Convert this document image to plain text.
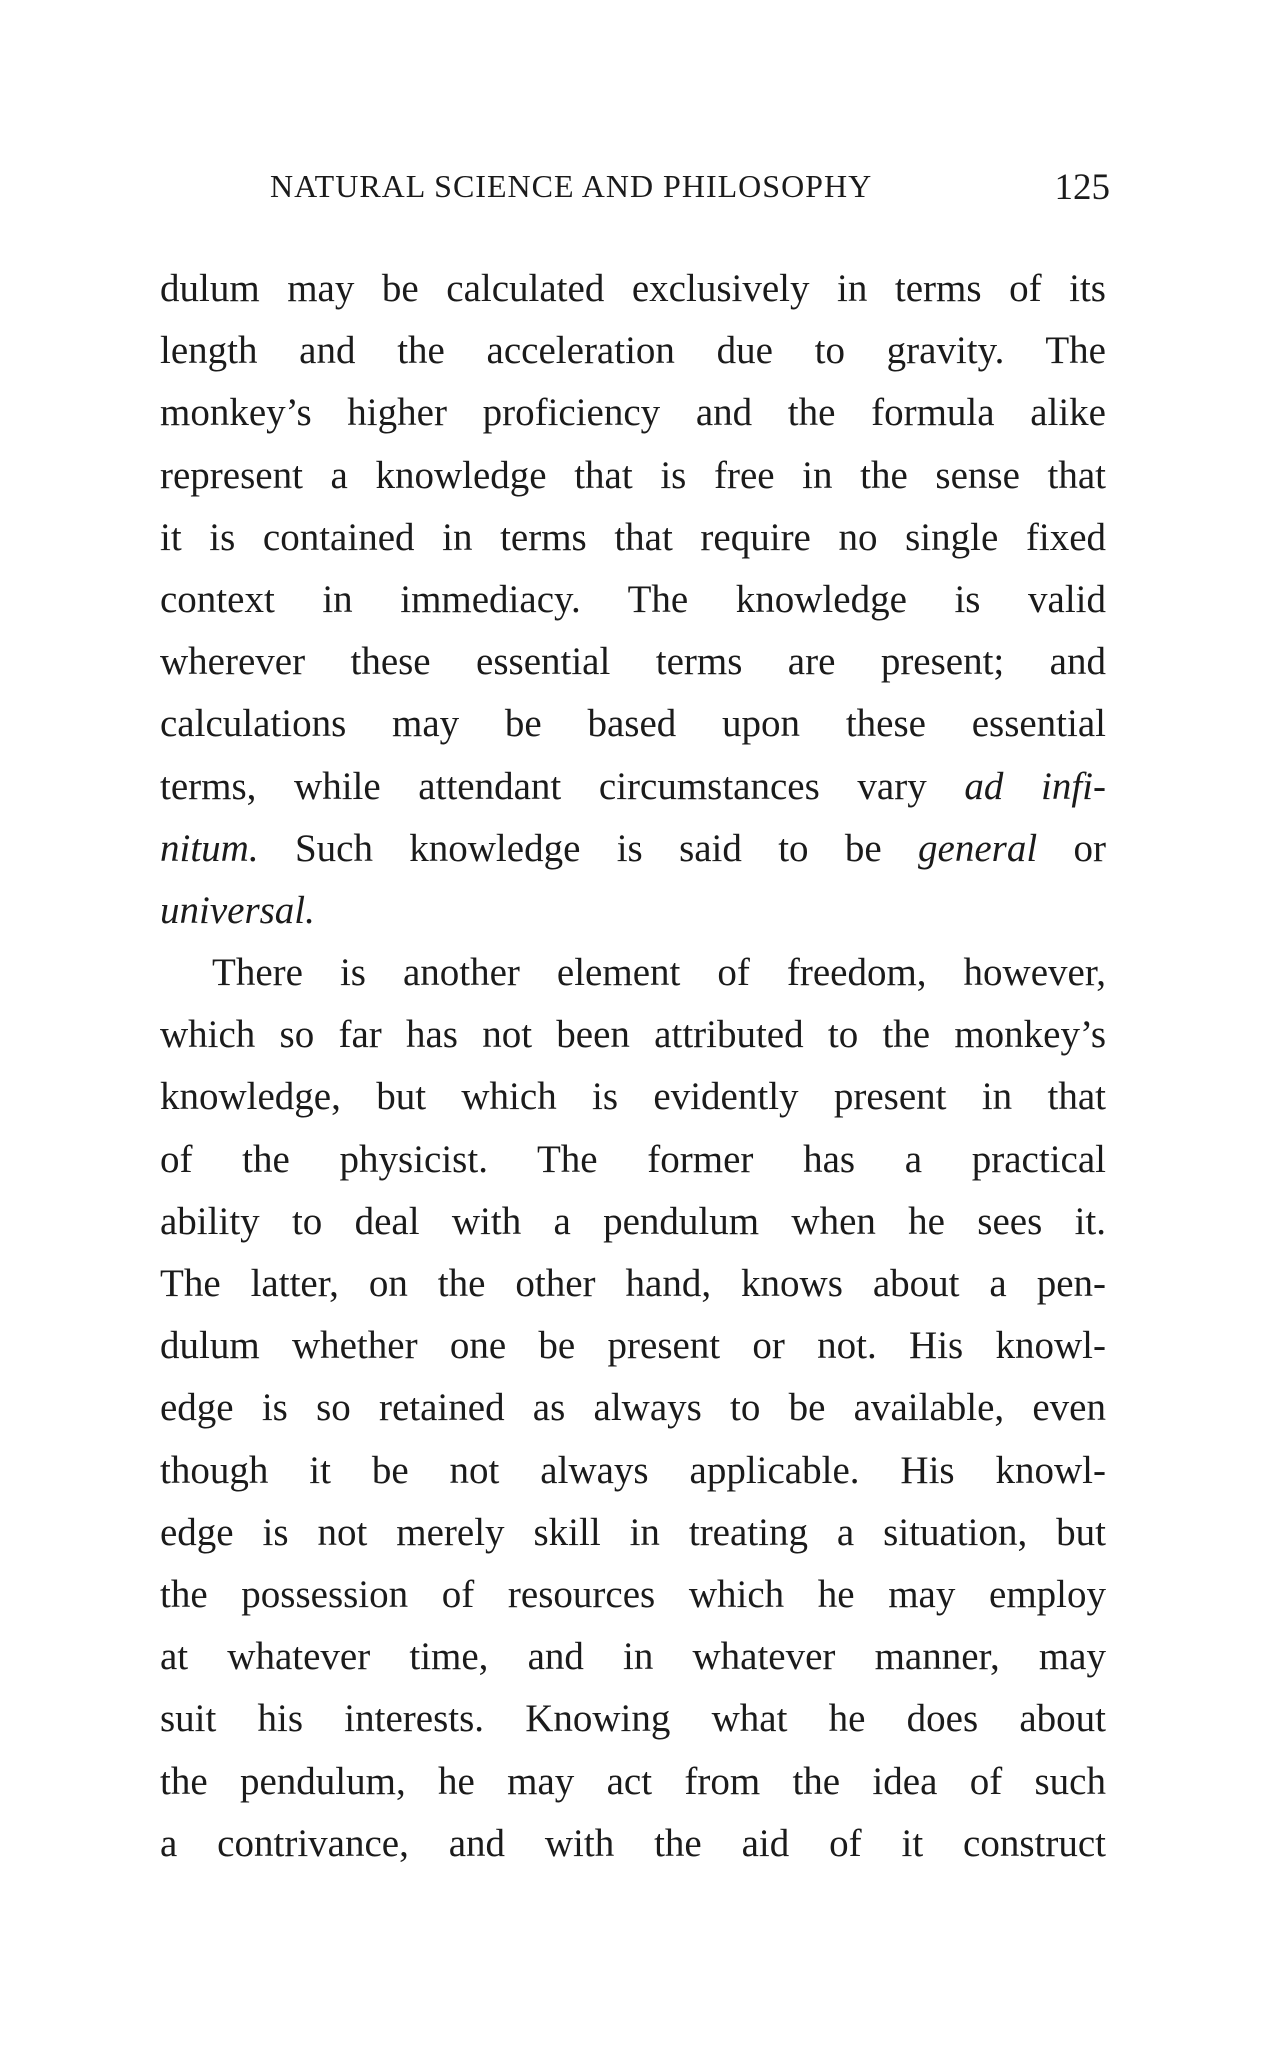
NATURAL SCIENCE AND PHILOSOPHY	125
dulum may be calculated exclusively in terms of its
length and the acceleration due to gravity. The
monkey’s higher proficiency and the formula alike
represent a knowledge that is free in the sense that
it is contained in terms that require no single fixed
context in immediacy. The knowledge is valid
wherever these essential terms are present; and
calculations may be based upon these essential
terms, while attendant circumstances vary ad infi-
nitum. Such knowledge is said to be general or
universal.
There is another element of freedom, however,
which so far has not been attributed to the monkey’s
knowledge, but which is evidently present in that
of the physicist. The former has a practical
ability to deal with a pendulum when he sees it.
The latter, on the other hand, knows about a pen-
dulum whether one be present or not. His knowl-
edge is so retained as always to be available, even
though it be not always applicable. His knowl-
edge is not merely skill in treating a situation, but
the possession of resources which he may employ
at whatever time, and in whatever manner, may
suit his interests. Knowing what he does about
the pendulum, he may act from the idea of such
a contrivance, and with the aid of it construct
